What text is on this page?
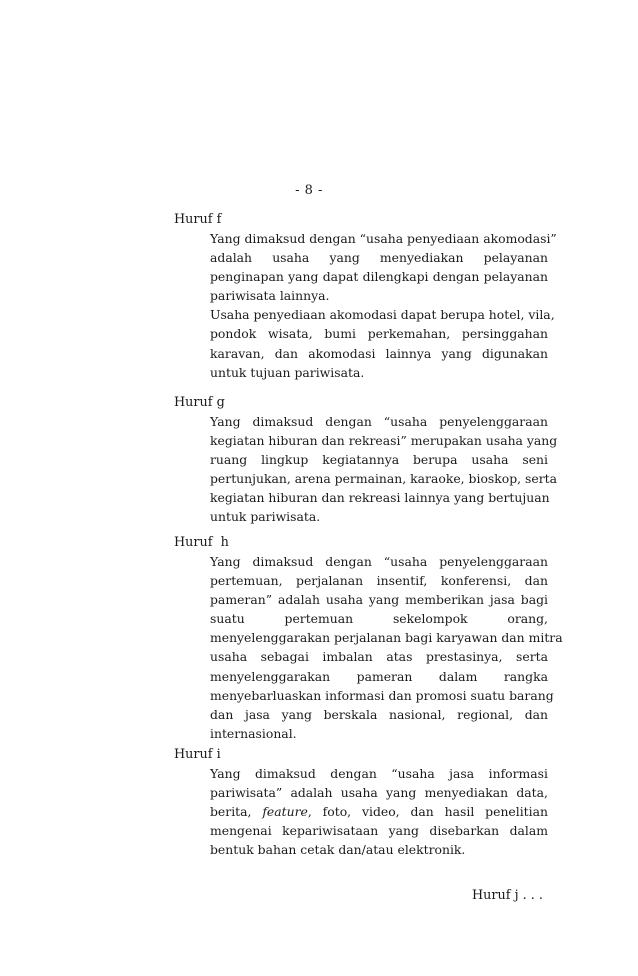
- 8 -
Huruf f

Yang dimaksud dengan “usaha penyediaan akomodasi”
adalah usaha yang menyediakan pelayanan
penginapan yang dapat dilengkapi dengan pelayanan
pariwisata lainnya.
Usaha penyediaan akomodasi dapat berupa hotel, vila,
pondok wisata, bumi perkemahan, persinggahan
karavan, dan akomodasi lainnya yang digunakan
untuk tujuan pariwisata.

Huruf g

Yang dimaksud dengan “usaha penyelenggaraan
kegiatan hiburan dan rekreasi” merupakan usaha yang
ruang lingkup kegiatannya berupa usaha seni
pertunjukan, arena permainan, karaoke, bioskop, serta
kegiatan hiburan dan rekreasi lainnya yang bertujuan
untuk pariwisata.

Huruf  h

Yang dimaksud dengan “usaha penyelenggaraan
pertemuan, perjalanan insentif, konferensi, dan
pameran” adalah usaha yang memberikan jasa bagi
suatu pertemuan sekelompok orang,
menyelenggarakan perjalanan bagi karyawan dan mitra
usaha sebagai imbalan atas prestasinya, serta
menyelenggarakan pameran dalam rangka
menyebarluaskan informasi dan promosi suatu barang
dan jasa yang berskala nasional, regional, dan
internasional.

Huruf i

Yang dimaksud dengan “usaha jasa informasi
pariwisata” adalah usaha yang menyediakan data,
berita, feature, foto, video, dan hasil penelitian
mengenai kepariwisataan yang disebarkan dalam
bentuk bahan cetak dan/atau elektronik.

Huruf j . . .
